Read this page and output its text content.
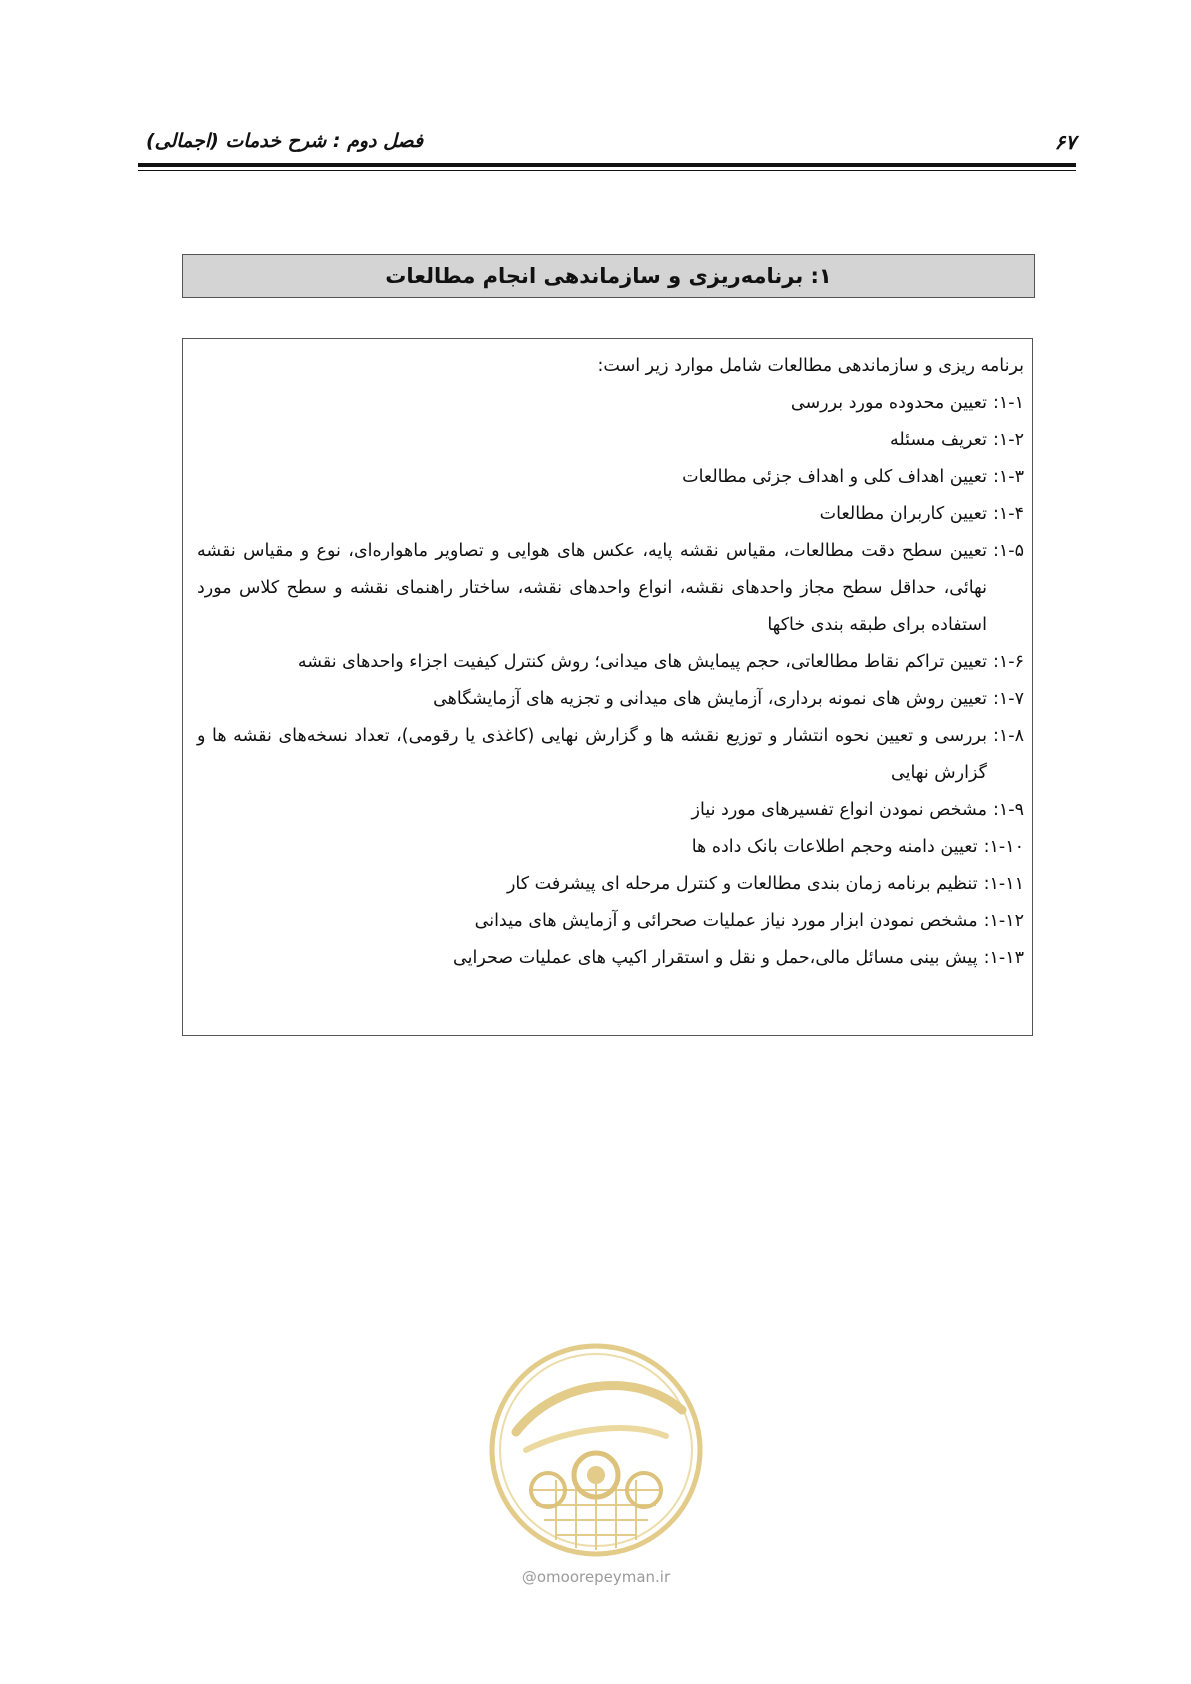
۶۷
فصل دوم : شرح خدمات (اجمالی)
۱: برنامه‌ریزی و سازماندهی انجام مطالعات

برنامه ریزی و سازماندهی مطالعات شامل موارد زیر است:

۱-۱:
تعیین محدوده مورد بررسی
۱-۲:
تعریف مسئله
۱-۳:
تعیین اهداف کلی و اهداف جزئی مطالعات
۱-۴:
تعیین کاربران مطالعات
۱-۵:
تعیین سطح دقت مطالعات، مقیاس نقشه پایه، عکس های هوایی و تصاویر ماهواره‌ای، نوع و مقیاس نقشه نهائی، حداقل سطح مجاز واحدهای نقشه، انواع واحدهای نقشه، ساختار راهنمای نقشه و سطح کلاس مورد استفاده برای طبقه بندی خاکها
۱-۶:
تعیین تراکم نقاط مطالعاتی، حجم پیمایش های میدانی؛ روش کنترل کیفیت اجزاء واحدهای نقشه
۱-۷:
تعیین روش های نمونه برداری، آزمایش های میدانی و تجزیه های آزمایشگاهی
۱-۸:
بررسی و تعیین نحوه انتشار و توزیع نقشه ها و گزارش نهایی (کاغذی یا رقومی)، تعداد نسخه‌های نقشه ها و گزارش نهایی
۱-۹:
مشخص نمودن انواع تفسیرهای مورد نیاز
۱-۱۰:
تعیین دامنه وحجم اطلاعات بانک داده ها
۱-۱۱:
تنظیم برنامه زمان بندی مطالعات و کنترل مرحله ای پیشرفت کار
۱-۱۲:
مشخص نمودن ابزار مورد نیاز عملیات صحرائی و آزمایش های میدانی
۱-۱۳:
پیش بینی مسائل مالی،حمل و نقل و استقرار اکیپ های عملیات صحرایی
@omoorepeyman.ir
